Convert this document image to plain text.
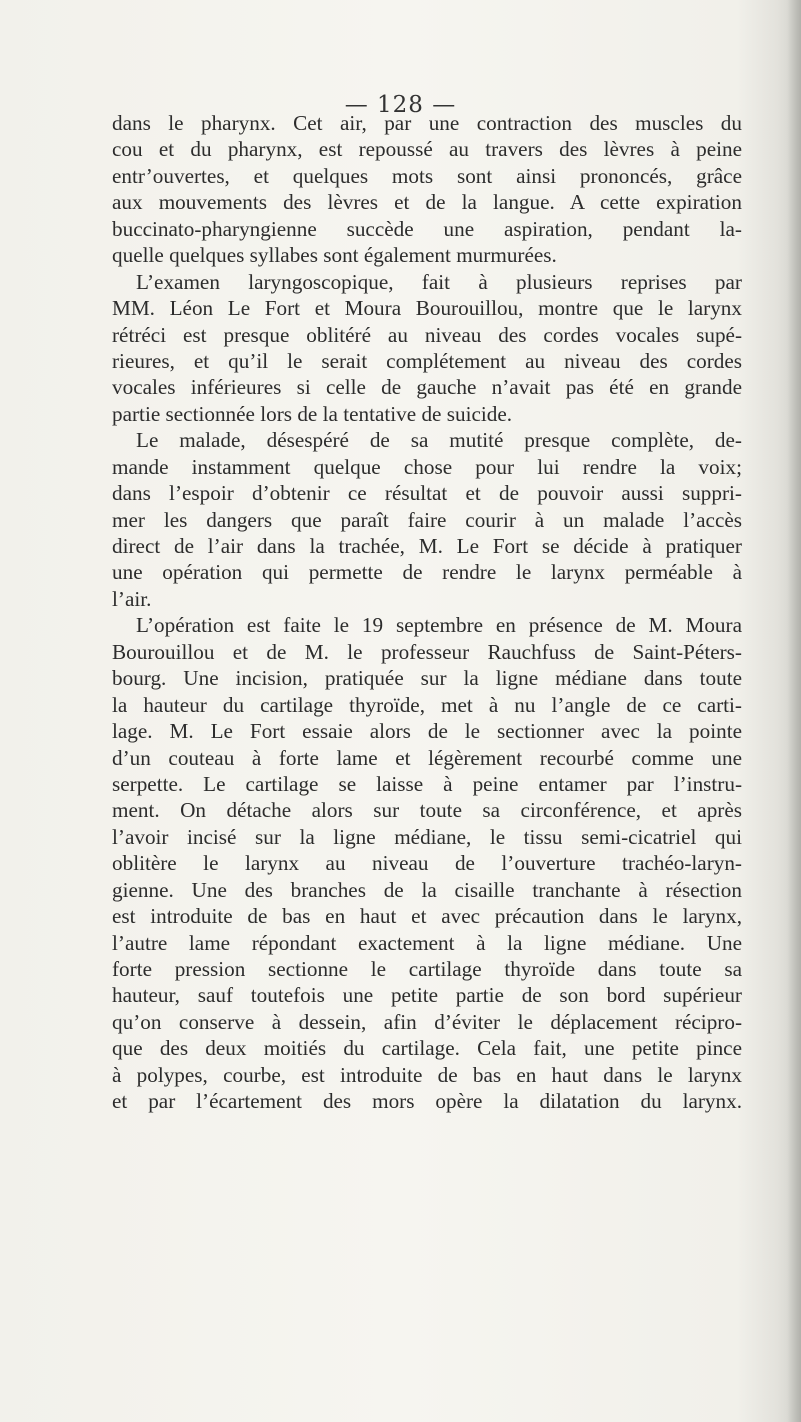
— 128 —
dans le pharynx. Cet air, par une contraction des muscles du
cou et du pharynx, est repoussé au travers des lèvres à peine
entr’ouvertes, et quelques mots sont ainsi prononcés, grâce
aux mouvements des lèvres et de la langue. A cette expiration
buccinato-pharyngienne succède une aspiration, pendant la-
quelle quelques syllabes sont également murmurées.
L’examen laryngoscopique, fait à plusieurs reprises par
MM. Léon Le Fort et Moura Bourouillou, montre que le larynx
rétréci est presque oblitéré au niveau des cordes vocales supé-
rieures, et qu’il le serait complétement au niveau des cordes
vocales inférieures si celle de gauche n’avait pas été en grande
partie sectionnée lors de la tentative de suicide.
Le malade, désespéré de sa mutité presque complète, de-
mande instamment quelque chose pour lui rendre la voix;
dans l’espoir d’obtenir ce résultat et de pouvoir aussi suppri-
mer les dangers que paraît faire courir à un malade l’accès
direct de l’air dans la trachée, M. Le Fort se décide à pratiquer
une opération qui permette de rendre le larynx perméable à
l’air.
L’opération est faite le 19 septembre en présence de M. Moura
Bourouillou et de M. le professeur Rauchfuss de Saint-Péters-
bourg. Une incision, pratiquée sur la ligne médiane dans toute
la hauteur du cartilage thyroïde, met à nu l’angle de ce carti-
lage. M. Le Fort essaie alors de le sectionner avec la pointe
d’un couteau à forte lame et légèrement recourbé comme une
serpette. Le cartilage se laisse à peine entamer par l’instru-
ment. On détache alors sur toute sa circonférence, et après
l’avoir incisé sur la ligne médiane, le tissu semi-cicatriel qui
oblitère le larynx au niveau de l’ouverture trachéo-laryn-
gienne. Une des branches de la cisaille tranchante à résection
est introduite de bas en haut et avec précaution dans le larynx,
l’autre lame répondant exactement à la ligne médiane. Une
forte pression sectionne le cartilage thyroïde dans toute sa
hauteur, sauf toutefois une petite partie de son bord supérieur
qu’on conserve à dessein, afin d’éviter le déplacement récipro-
que des deux moitiés du cartilage. Cela fait, une petite pince
à polypes, courbe, est introduite de bas en haut dans le larynx
et par l’écartement des mors opère la dilatation du larynx.
